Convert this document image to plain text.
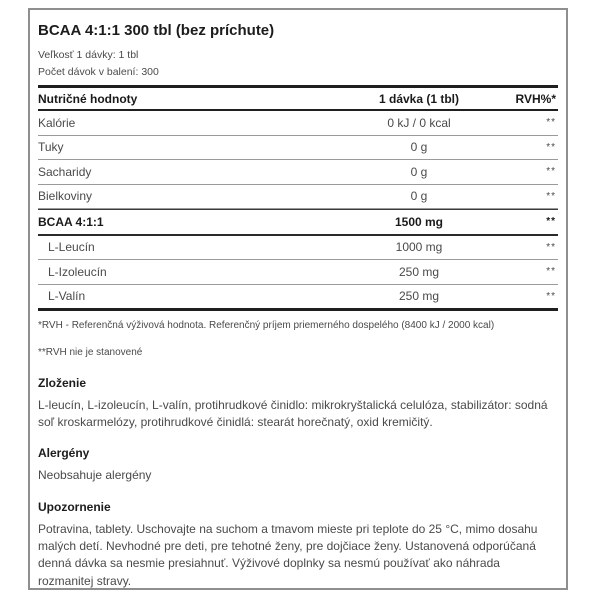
BCAA 4:1:1 300 tbl (bez príchute)
Veľkosť 1 dávky: 1 tbl
Počet dávok v balení: 300
Nutričné hodnoty	1 dávka (1 tbl)	RVH%*
Kalórie	0 kJ / 0 kcal	**
Tuky	0 g	**
Sacharidy	0 g	**
Bielkoviny	0 g	**
BCAA 4:1:1	1500 mg	**
L-Leucín	1000 mg	**
L-Izoleucín	250 mg	**
L-Valín	250 mg	**
*RVH - Referenčná výživová hodnota. Referenčný príjem priemerného dospelého (8400 kJ / 2000 kcal)
**RVH nie je stanovené
Zloženie

L-leucín, L-izoleucín, L-valín, protihrudkové činidlo: mikrokryštalická celulóza, stabilizátor: sodná soľ kroskarmelózy, protihrudkové činidlá: stearát horečnatý, oxid kremičitý.

Alergény

Neobsahuje alergény

Upozornenie

Potravina, tablety. Uschovajte na suchom a tmavom mieste pri teplote do 25 °C, mimo dosahu malých detí. Nevhodné pre deti, pre tehotné ženy, pre dojčiace ženy. Ustanovená odporúčaná denná dávka sa nesmie presiahnuť. Výživové doplnky sa nesmú používať ako náhrada rozmanitej stravy.
